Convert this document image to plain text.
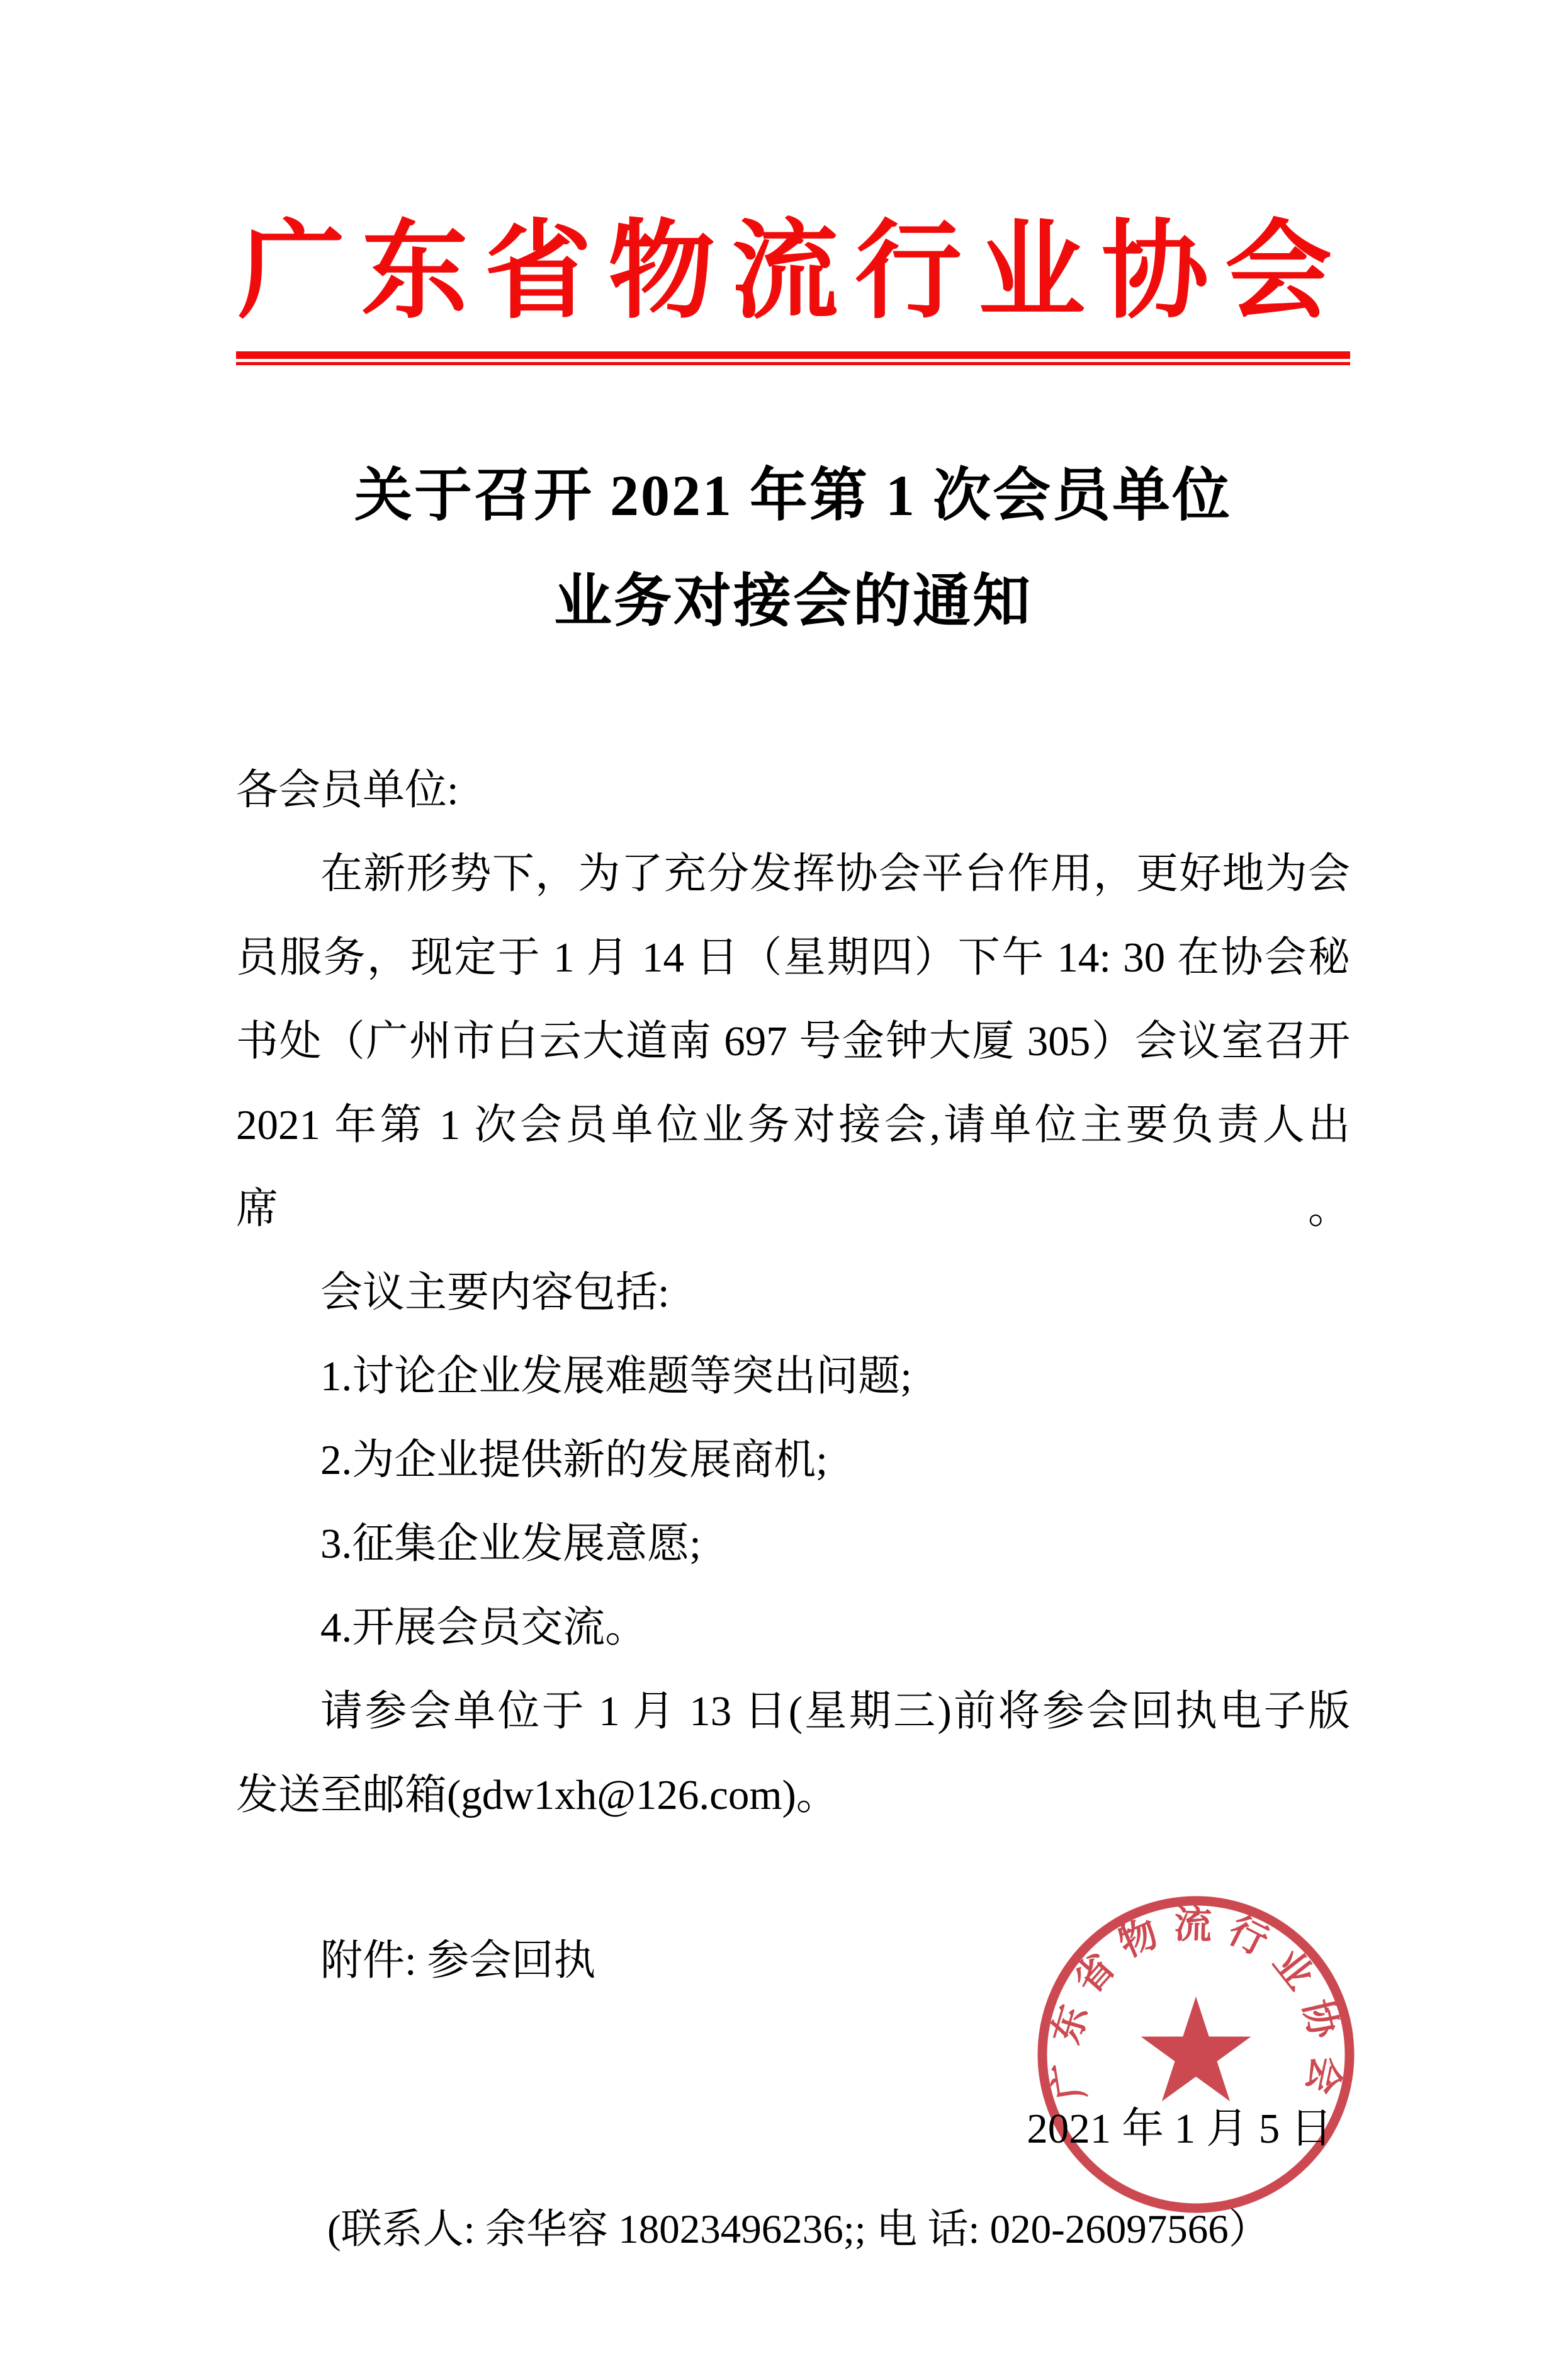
广东省物流行业协会
广东省物流行业协会
关于召开 2021 年第 1 次会员单位
业务对接会的通知
各会员单位:
在新形势下，为了充分发挥协会平台作用，更好地为会
员服务，现定于 1 月 14 日（星期四）下午 14: 30 在协会秘
书处（广州市白云大道南 697 号金钟大厦 305）会议室召开
2021 年第 1 次会员单位业务对接会,请单位主要负责人出席。
会议主要内容包括:
1.讨论企业发展难题等突出问题;
2.为企业提供新的发展商机;
3.征集企业发展意愿;
4.开展会员交流。
请参会单位于 1 月 13 日(星期三)前将参会回执电子版
发送至邮箱(gdw1xh@126.com)。
附件: 参会回执
2021 年 1 月 5 日
(联系人: 余华容 18023496236;; 电 话: 020-26097566）
